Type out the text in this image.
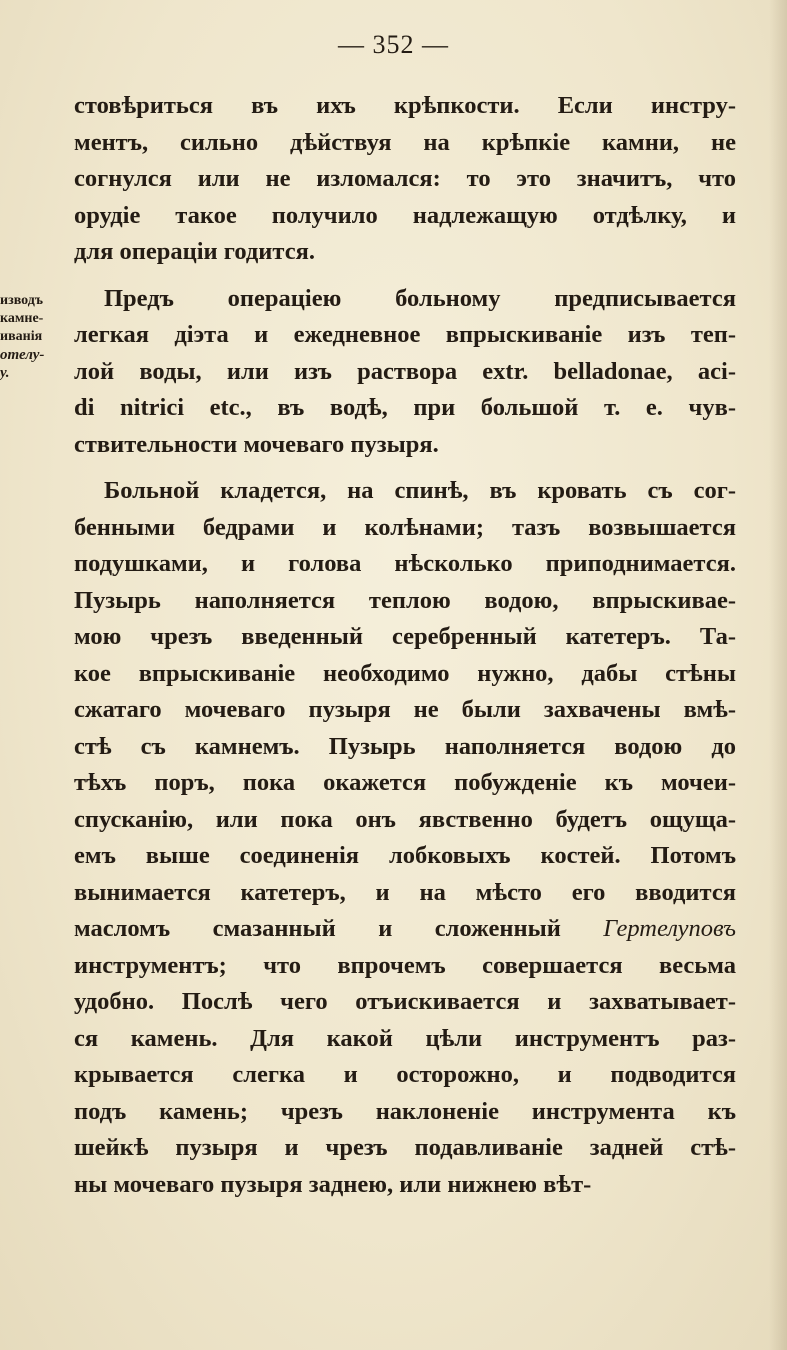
— 352 —
изводъ
камне-
иванія
отелу-
у.
стовѣриться въ ихъ крѣпкости. Если инстру-
ментъ, сильно дѣйствуя на крѣпкіе камни, не
согнулся или не изломался: то это значитъ, что
орудіе такое получило надлежащую отдѣлку, и
для операціи годится.
Предъ операціею больному предписывается
легкая діэта и ежедневное впрыскиваніе изъ теп-
лой воды, или изъ раствора extr. belladonae, aci-
di nitrici etc., въ водѣ, при большой т. е. чув-
ствительности мочеваго пузыря.
Больной кладется, на спинѣ, въ кровать съ сог-
бенными бедрами и колѣнами; тазъ возвышается
подушками, и голова нѣсколько приподнимается.
Пузырь наполняется теплою водою, впрыскивае-
мою чрезъ введенный серебренный катетеръ. Та-
кое впрыскиваніе необходимо нужно, дабы стѣны
сжатаго мочеваго пузыря не были захвачены вмѣ-
стѣ съ камнемъ. Пузырь наполняется водою до
тѣхъ поръ, пока окажется побужденіе къ мочеи-
спусканію, или пока онъ явственно будетъ ощуща-
емъ выше соединенія лобковыхъ костей. Потомъ
вынимается катетеръ, и на мѣсто его вводится
масломъ смазанный и сложенный Гертелуповъ
инструментъ; что впрочемъ совершается весьма
удобно. Послѣ чего отъискивается и захватывает-
ся камень. Для какой цѣли инструментъ раз-
крывается слегка и осторожно, и подводится
подъ камень; чрезъ наклоненіе инструмента къ
шейкѣ пузыря и чрезъ подавливаніе задней стѣ-
ны мочеваго пузыря заднею, или нижнею вѣт-
